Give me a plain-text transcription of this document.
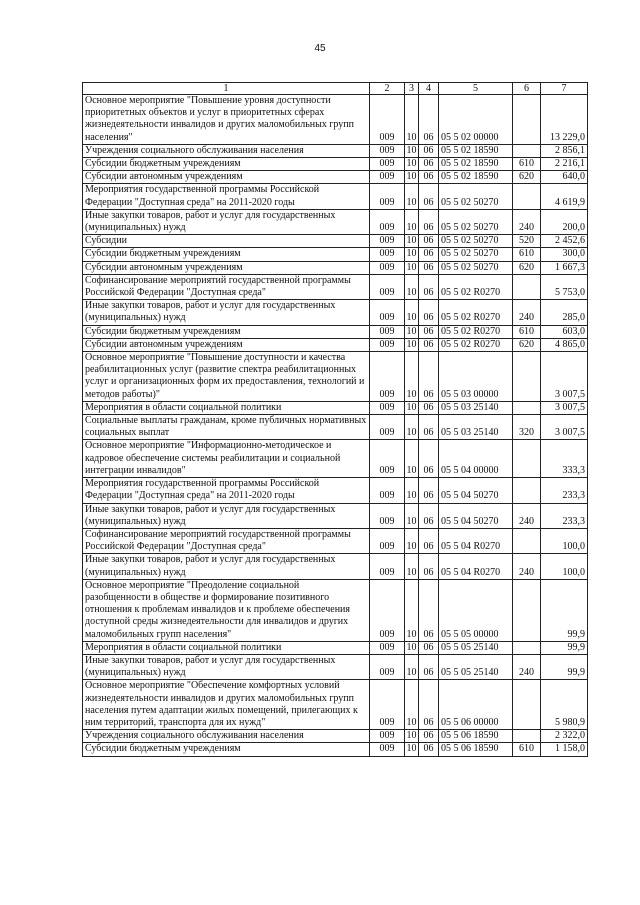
45
1	2	3	4	5	6	7
Основное мероприятие "Повышение уровня доступности приоритетных объектов и услуг в приоритетных сферах жизнедеятельности инвалидов и других маломобильных групп населения"	009	10	06	05 5 02 00000		13 229,0
Учреждения социального обслуживания населения	009	10	06	05 5 02 18590		2 856,1
Субсидии бюджетным учреждениям	009	10	06	05 5 02 18590	610	2 216,1
Субсидии автономным учреждениям	009	10	06	05 5 02 18590	620	640,0
Мероприятия государственной программы Российской Федерации "Доступная среда" на 2011-2020 годы	009	10	06	05 5 02 50270		4 619,9
Иные закупки товаров, работ и услуг для государственных (муниципальных) нужд	009	10	06	05 5 02 50270	240	200,0
Субсидии	009	10	06	05 5 02 50270	520	2 452,6
Субсидии бюджетным учреждениям	009	10	06	05 5 02 50270	610	300,0
Субсидии автономным учреждениям	009	10	06	05 5 02 50270	620	1 667,3
Софинансирование мероприятий государственной программы Российской Федерации "Доступная среда"	009	10	06	05 5 02 R0270		5 753,0
Иные закупки товаров, работ и услуг для государственных (муниципальных) нужд	009	10	06	05 5 02 R0270	240	285,0
Субсидии бюджетным учреждениям	009	10	06	05 5 02 R0270	610	603,0
Субсидии автономным учреждениям	009	10	06	05 5 02 R0270	620	4 865,0
Основное мероприятие "Повышение доступности и качества реабилитационных услуг (развитие спектра реабилитационных услуг и организационных форм их предоставления, технологий и методов работы)"	009	10	06	05 5 03 00000		3 007,5
Мероприятия в области социальной политики	009	10	06	05 5 03 25140		3 007,5
Социальные выплаты гражданам, кроме публичных нормативных социальных выплат	009	10	06	05 5 03 25140	320	3 007,5
Основное мероприятие "Информационно-методическое и кадровое обеспечение системы реабилитации и социальной интеграции инвалидов"	009	10	06	05 5 04 00000		333,3
Мероприятия государственной программы Российской Федерации "Доступная среда" на 2011-2020 годы	009	10	06	05 5 04 50270		233,3
Иные закупки товаров, работ и услуг для государственных (муниципальных) нужд	009	10	06	05 5 04 50270	240	233,3
Софинансирование мероприятий государственной программы Российской Федерации "Доступная среда"	009	10	06	05 5 04 R0270		100,0
Иные закупки товаров, работ и услуг для государственных (муниципальных) нужд	009	10	06	05 5 04 R0270	240	100,0
Основное мероприятие "Преодоление социальной разобщенности в обществе и формирование позитивного отношения к проблемам инвалидов и к проблеме обеспечения доступной среды жизнедеятельности для инвалидов и других маломобильных групп населения"	009	10	06	05 5 05 00000		99,9
Мероприятия в области социальной политики	009	10	06	05 5 05 25140		99,9
Иные закупки товаров, работ и услуг для государственных (муниципальных) нужд	009	10	06	05 5 05 25140	240	99,9
Основное мероприятие "Обеспечение комфортных условий жизнедеятельности инвалидов и других маломобильных групп населения путем адаптации жилых помещений, прилегающих к ним территорий, транспорта для их нужд"	009	10	06	05 5 06 00000		5 980,9
Учреждения социального обслуживания населения	009	10	06	05 5 06 18590		2 322,0
Субсидии бюджетным учреждениям	009	10	06	05 5 06 18590	610	1 158,0
